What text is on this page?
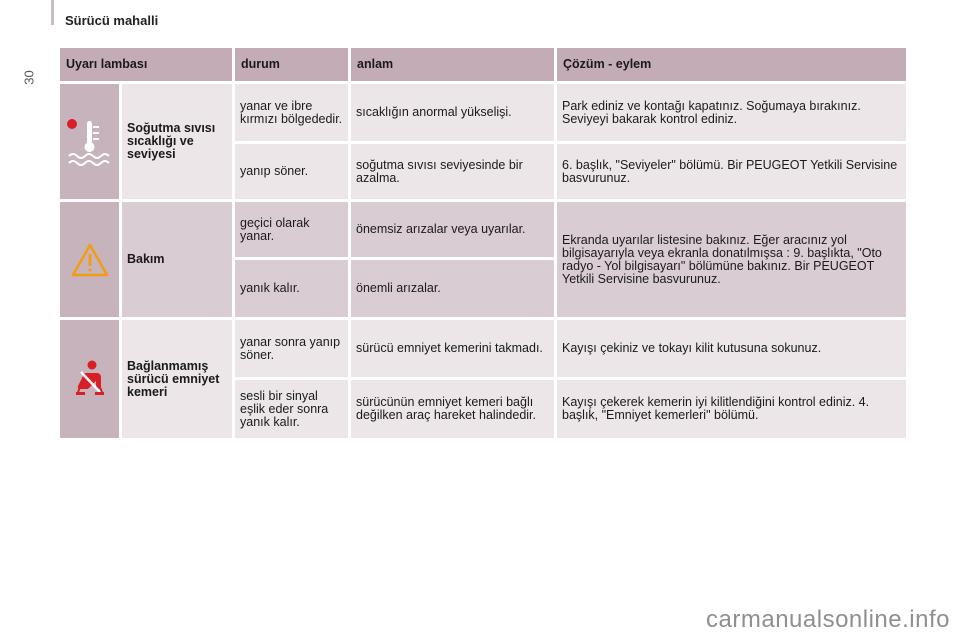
30
Sürücü mahalli
Uyarı lambası		durum	anlam	Çözüm - eylem

	Soğutma sıvısı sıcaklığı ve seviyesi	yanar ve ibre kırmızı bölgededir.	sıcaklığın anormal yükselişi.	Park ediniz ve kontağı kapatınız. Soğumaya bırakınız. Seviyeyi bakarak kontrol ediniz.
		yanıp söner.	soğutma sıvısı seviyesinde bir azalma.	6. başlık, "Seviyeler" bölümü. Bir PEUGEOT Yetkili Servisine basvurunuz.

	Bakım	geçici olarak yanar.	önemsiz arızalar veya uyarılar.	Ekranda uyarılar listesine bakınız. Eğer aracınız yol bilgisayarıyla veya ekranla donatılmışsa : 9. başlıkta, "Oto radyo - Yol bilgisayarı" bölümüne bakınız. Bir PEUGEOT Yetkili Servisine basvurunuz.
		yanık kalır.	önemli arızalar.	

	Bağlanmamış sürücü emniyet kemeri	yanar sonra yanıp söner.	sürücü emniyet kemerini takmadı.	Kayışı çekiniz ve tokayı kilit kutusuna sokunuz.
		sesli bir sinyal eşlik eder sonra yanık kalır.	sürücünün emniyet kemeri bağlı değilken araç hareket halindedir.	Kayışı çekerek kemerin iyi kilitlendiğini kontrol ediniz. 4. başlık, "Emniyet kemerleri" bölümü.
carmanualsonline.info
